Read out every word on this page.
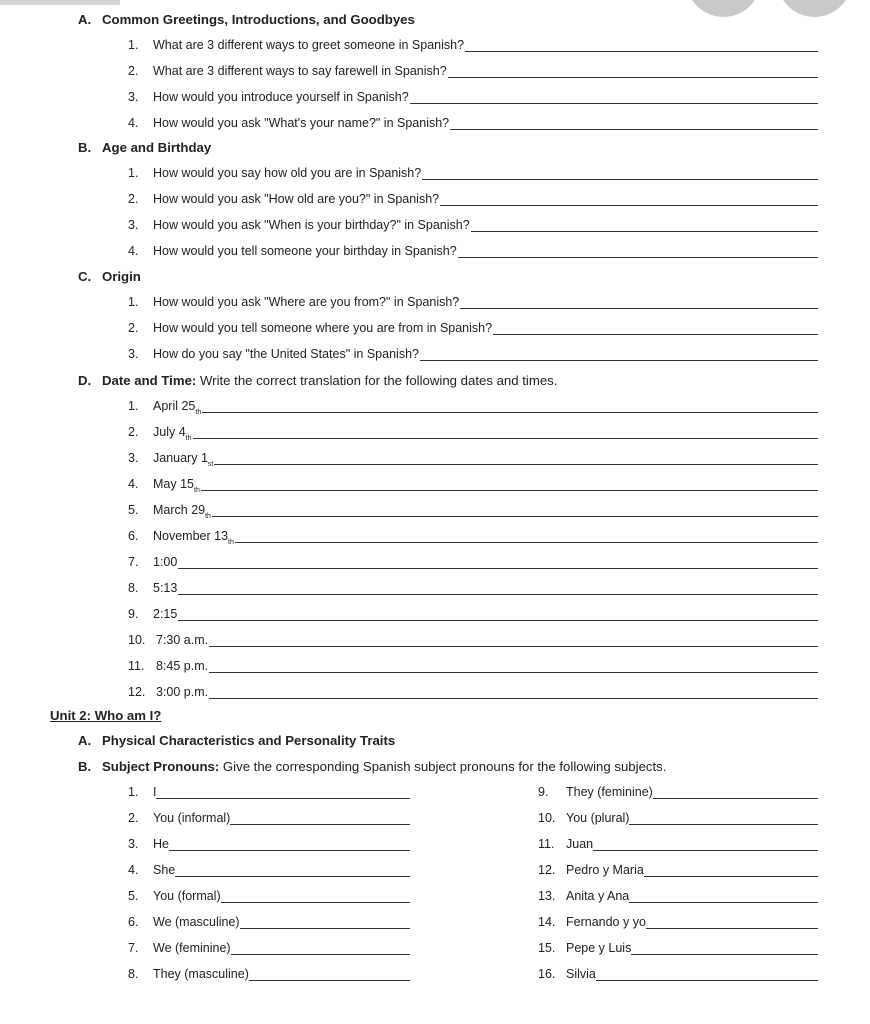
A. Common Greetings, Introductions, and Goodbyes
1.	What are 3 different ways to greet someone in Spanish?
2.	What are 3 different ways to say farewell in Spanish?
3.	How would you introduce yourself in Spanish?
4.	How would you ask "What's your name?" in Spanish?
B. Age and Birthday
1.	How would you say how old you are in Spanish?
2.	How would you ask "How old are you?" in Spanish?
3.	How would you ask "When is your birthday?" in Spanish?
4.	How would you tell someone your birthday in Spanish?
C. Origin
1.	How would you ask "Where are you from?" in Spanish?
2.	How would you tell someone where you are from in Spanish?
3.	How do you say "the United States" in Spanish?
D. Date and Time: Write the correct translation for the following dates and times.
1.	April 25 th
2.	July 4 th
3.	January 1 st
4.	May 15 th
5.	March 29 th
6.	November 13 th
7.	1:00
8.	5:13
9.	2:15
10. 7:30 a.m.
11. 8:45 p.m.
12. 3:00 p.m.
Unit 2: Who am I?
A. Physical Characteristics and Personality Traits
B. Subject Pronouns: Give the corresponding Spanish subject pronouns for the following subjects.
1.	I
2.	You (informal)
3.	He
4.	She
5.	You (formal)
6.	We (masculine)
7.	We (feminine)
8.	They (masculine)
9.	They (feminine)
10. You (plural)
11. Juan
12. Pedro y Maria
13. Anita y Ana
14. Fernando y yo
15. Pepe y Luis
16. Silvia
